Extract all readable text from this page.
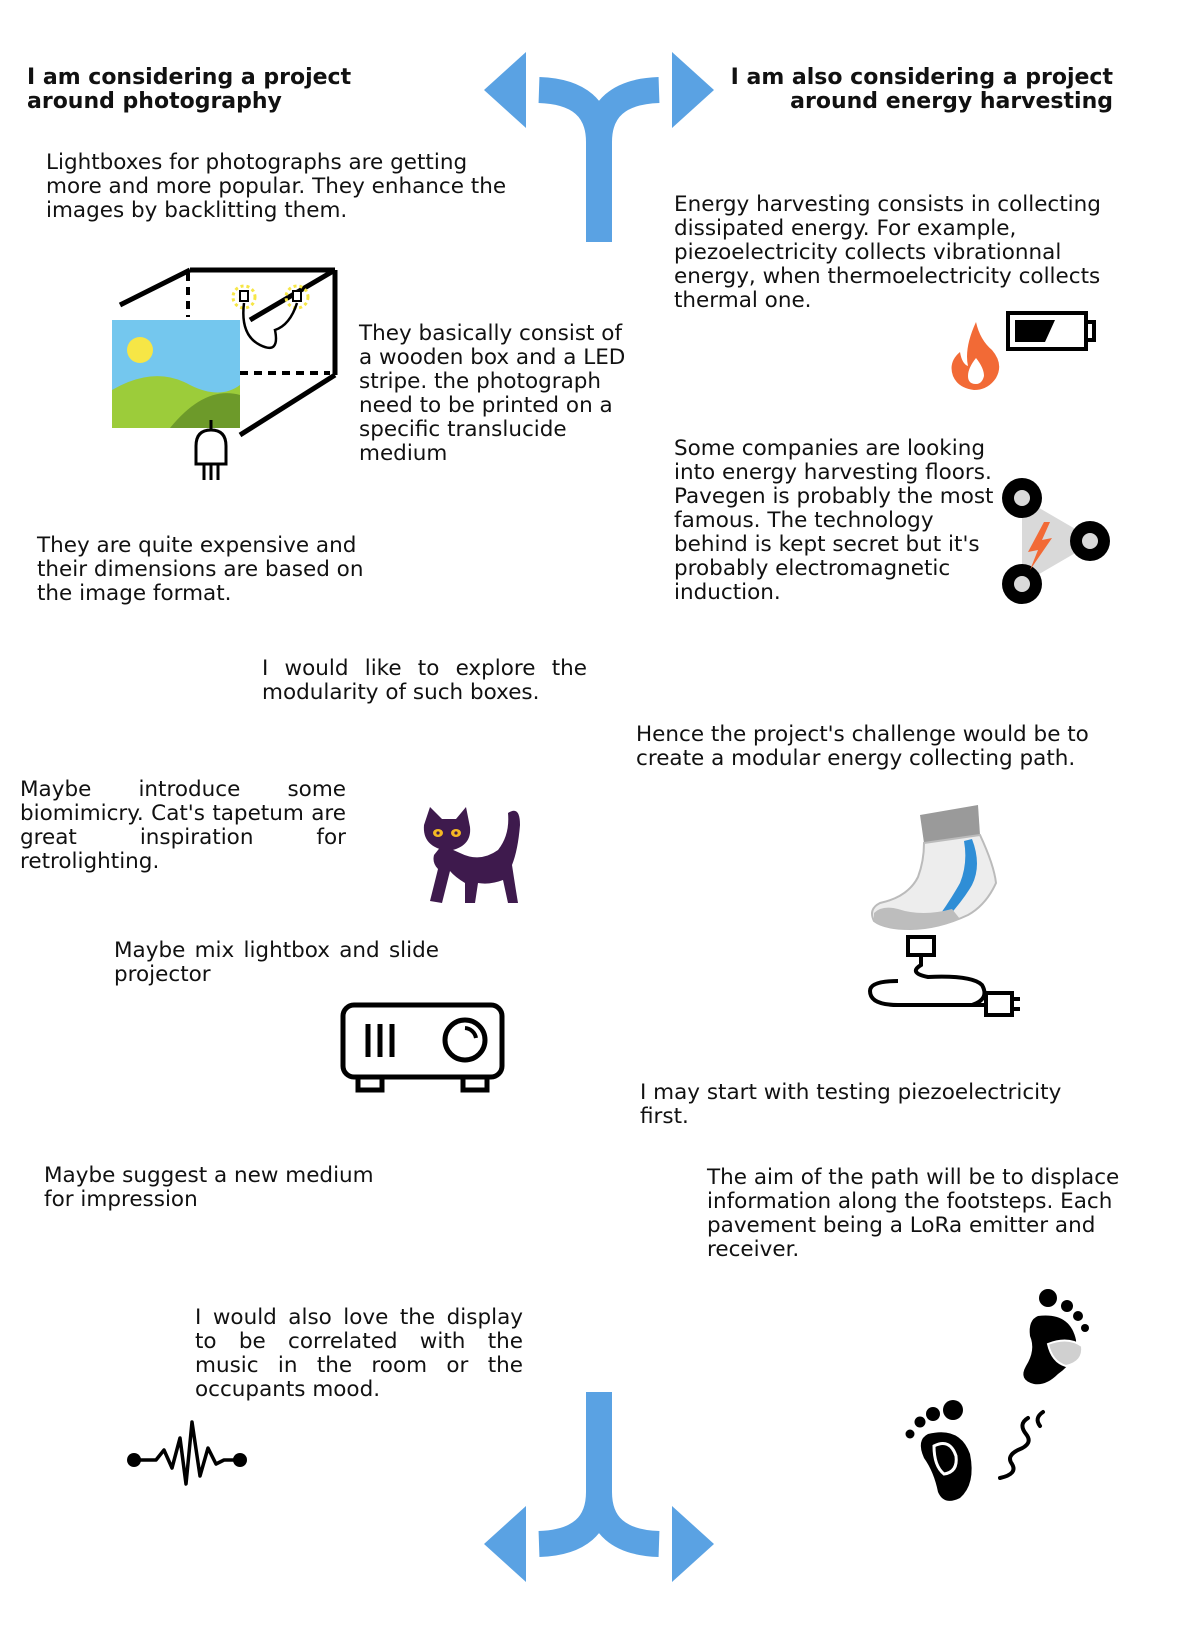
I am considering a project
around photography

I am also considering a project
around energy harvesting

Lightboxes for photographs are getting
more and more popular. They enhance the
images by backlitting them.

They basically consist of
a wooden box and a LED
stripe. the photograph
need to be printed on a
specific translucide
medium

They are quite expensive and
their dimensions are based on
the image format.

I would like to explore the modularity of such boxes.

Maybe introduce some biomimicry. Cat's tapetum are great inspiration for retrolighting.

Maybe mix lightbox and slide projector

Maybe suggest a new medium
for impression

I would also love the display to be correlated with the music in the room or the occupants mood.

Energy harvesting consists in collecting
dissipated energy. For example,
piezoelectricity collects vibrationnal
energy, when thermoelectricity collects
thermal one.

Some companies are looking
into energy harvesting floors.
Pavegen is probably the most
famous. The technology
behind is kept secret but it's
probably electromagnetic
induction.

Hence the project's challenge would be to
create a modular energy collecting path.

I may start with testing piezoelectricity
first.

The aim of the path will be to displace
information along the footsteps. Each
pavement being a LoRa emitter and
receiver.
